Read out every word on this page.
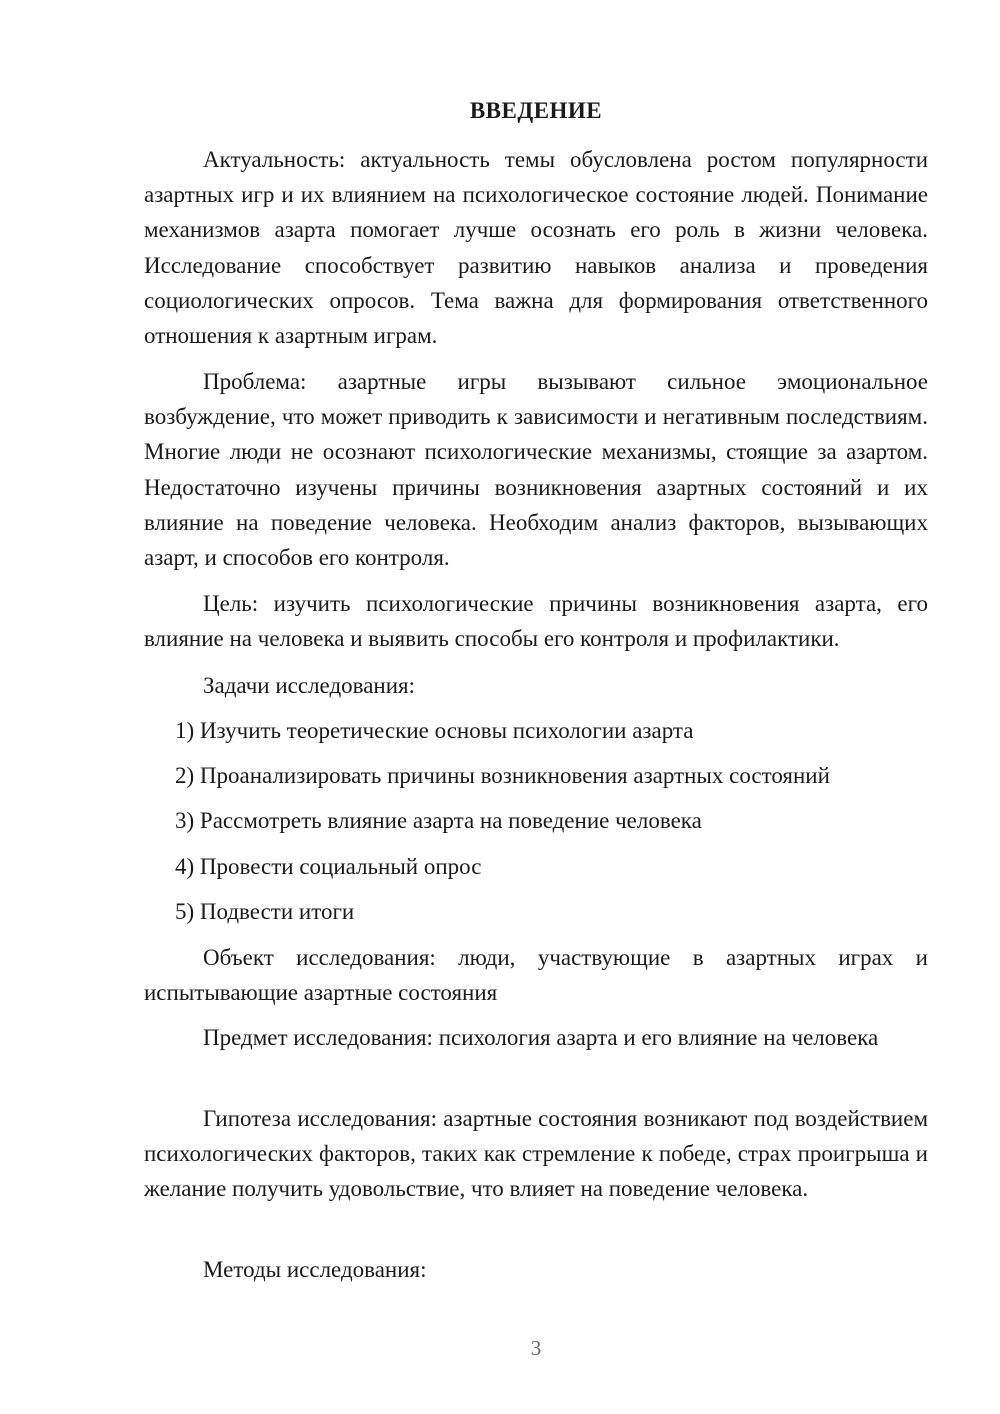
ВВЕДЕНИЕ

Актуальность: актуальность темы обусловлена ростом популярности азартных игр и их влиянием на психологическое состояние людей. Понимание механизмов азарта помогает лучше осознать его роль в жизни человека. Исследование способствует развитию навыков анализа и проведения социологических опросов. Тема важна для формирования ответственного отношения к азартным играм.

Проблема: азартные игры вызывают сильное эмоциональное возбуждение, что может приводить к зависимости и негативным последствиям. Многие люди не осознают психологические механизмы, стоящие за азартом. Недостаточно изучены причины возникновения азартных состояний и их влияние на поведение человека. Необходим анализ факторов, вызывающих азарт, и способов его контроля.

Цель: изучить психологические причины возникновения азарта, его влияние на человека и выявить способы его контроля и профилактики.

Задачи исследования:

1) Изучить теоретические основы психологии азарта

2) Проанализировать причины возникновения азартных состояний

3) Рассмотреть влияние азарта на поведение человека

4) Провести социальный опрос

5) Подвести итоги

Объект исследования: люди, участвующие в азартных играх и испытывающие азартные состояния

Предмет исследования: психология азарта и его влияние на человека

Гипотеза исследования: азартные состояния возникают под воздействием психологических факторов, таких как стремление к победе, страх проигрыша и желание получить удовольствие, что влияет на поведение человека.

Методы исследования:

3
